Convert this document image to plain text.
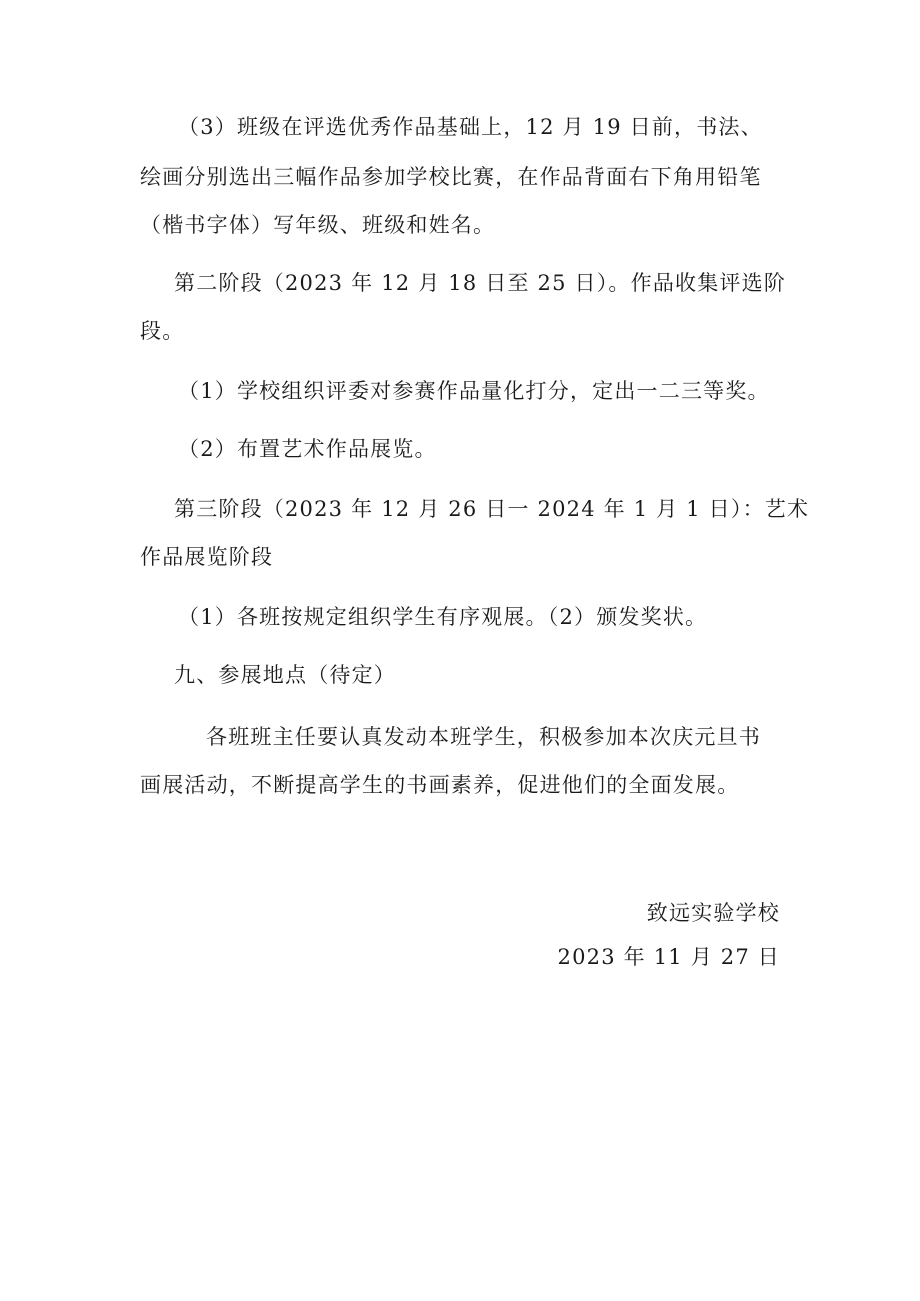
（3）班级在评选优秀作品基础上，12 月 19 日前，书法、
绘画分别选出三幅作品参加学校比赛，在作品背面右下角用铅笔
（楷书字体）写年级、班级和姓名。
第二阶段（2023 年 12 月 18 日至 25 日）。作品收集评选阶
段。
（1）学校组织评委对参赛作品量化打分，定出一二三等奖。
（2）布置艺术作品展览。
第三阶段（2023 年 12 月 26 日一 2024 年 1 月 1 日）：艺术
作品展览阶段
（1）各班按规定组织学生有序观展。（2）颁发奖状。
九、参展地点（待定）
各班班主任要认真发动本班学生，积极参加本次庆元旦书
画展活动，不断提高学生的书画素养，促进他们的全面发展。
致远实验学校
2023 年 11 月 27 日
